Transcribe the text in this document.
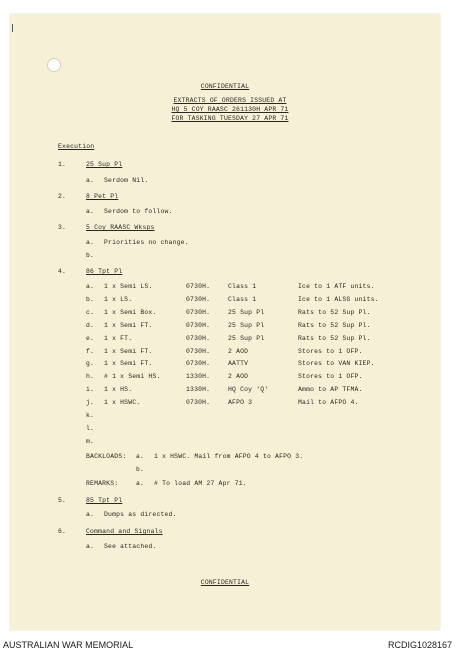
CONFIDENTIAL
EXTRACTS OF ORDERS ISSUED AT
HQ 5 COY RAASC 261130H APR 71
FOR TASKING TUESDAY 27 APR 71
Execution
1.	25 Sup Pl
a. Serdom Nil.
2.	8 Pet Pl
a. Serdom to follow.
3.	5 Coy RAASC Wksps
a. Priorities no change.
b.
4.	86 Tpt Pl
a. 1 x Semi LS.	0730H.	Class 1	Ice to 1 ATF units.
b. 1 x LS.	0730H.	Class 1	Ice to 1 ALSG units.
c. 1 x Semi Box.	0730H.	25 Sup Pl	Rats to 52 Sup Pl.
d. 1 x Semi FT.	0730H.	25 Sup Pl	Rats to 52 Sup Pl.
e. 1 x FT.	0730H.	25 Sup Pl	Rats to 52 Sup Pl.
f. 1 x Semi FT.	0730H.	2 AOD	Stores to 1 OFP.
g. 1 x Semi FT.	0730H.	AATTV	Stores to VAN KIEP.
h. # 1 x Semi HS.	1330H.	2 AOD	Stores to 1 OFP.
i. 1 x HS.	1330H.	HQ Coy 'Q'	Ammo to AP TFMA.
j. 1 x HSWC.	0730H.	AFPO 3	Mail to AFPO 4.
k.
l.
m.
BACKLOADS: a. 1 x HSWC. Mail from AFPO 4 to AFPO 3.
b.
REMARKS:	a. # To load AM 27 Apr 71.
5.	85 Tpt Pl
a. Dumps as directed.
6.	Command and Signals
a. See attached.
CONFIDENTIAL
AUSTRALIAN WAR MEMORIAL	RCDIG1028167
